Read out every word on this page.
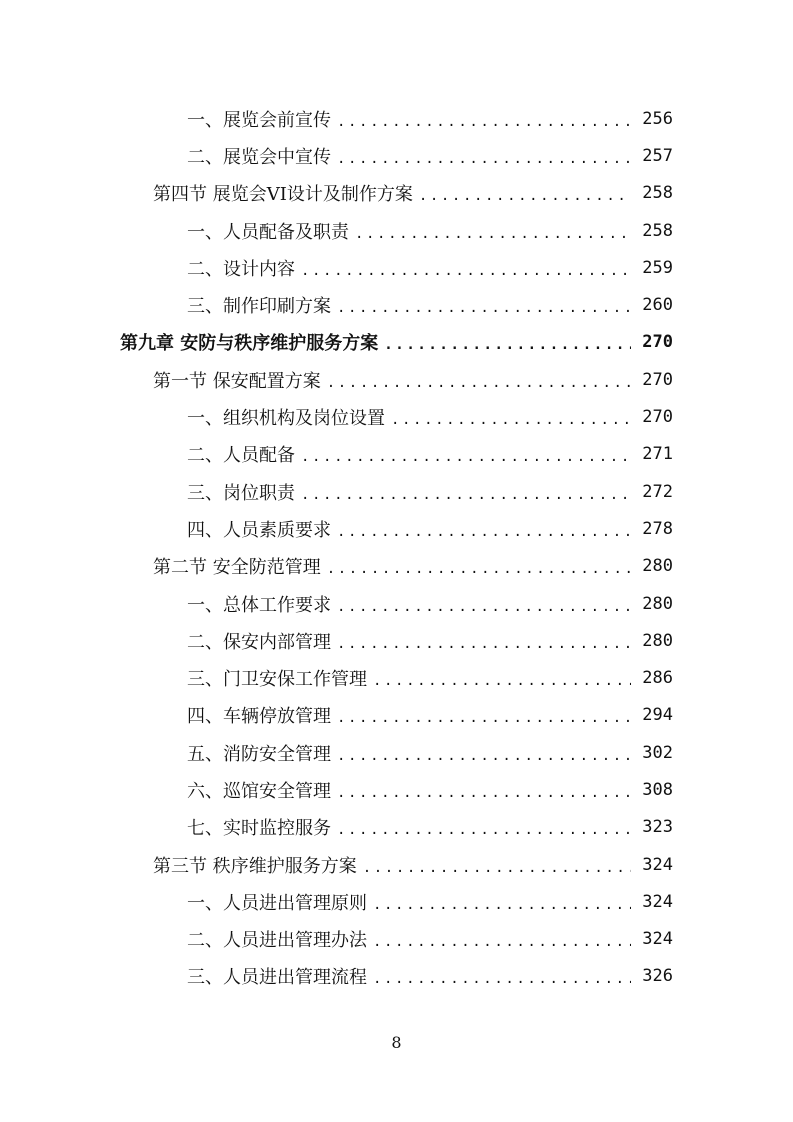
一、展览会前宣传 .....	256
二、展览会中宣传 .....	257
第四节 展览会VI设计及制作方案 .....	258
一、人员配备及职责 .....	258
二、设计内容 .....	259
三、制作印刷方案 .....	260
第九章 安防与秩序维护服务方案 .....	270
第一节 保安配置方案 .....	270
一、组织机构及岗位设置 .....	270
二、人员配备 .....	271
三、岗位职责 .....	272
四、人员素质要求 .....	278
第二节 安全防范管理 .....	280
一、总体工作要求 .....	280
二、保安内部管理 .....	280
三、门卫安保工作管理 .....	286
四、车辆停放管理 .....	294
五、消防安全管理 .....	302
六、巡馆安全管理 .....	308
七、实时监控服务 .....	323
第三节 秩序维护服务方案 .....	324
一、人员进出管理原则 .....	324
二、人员进出管理办法 .....	324
三、人员进出管理流程 .....	326
8
